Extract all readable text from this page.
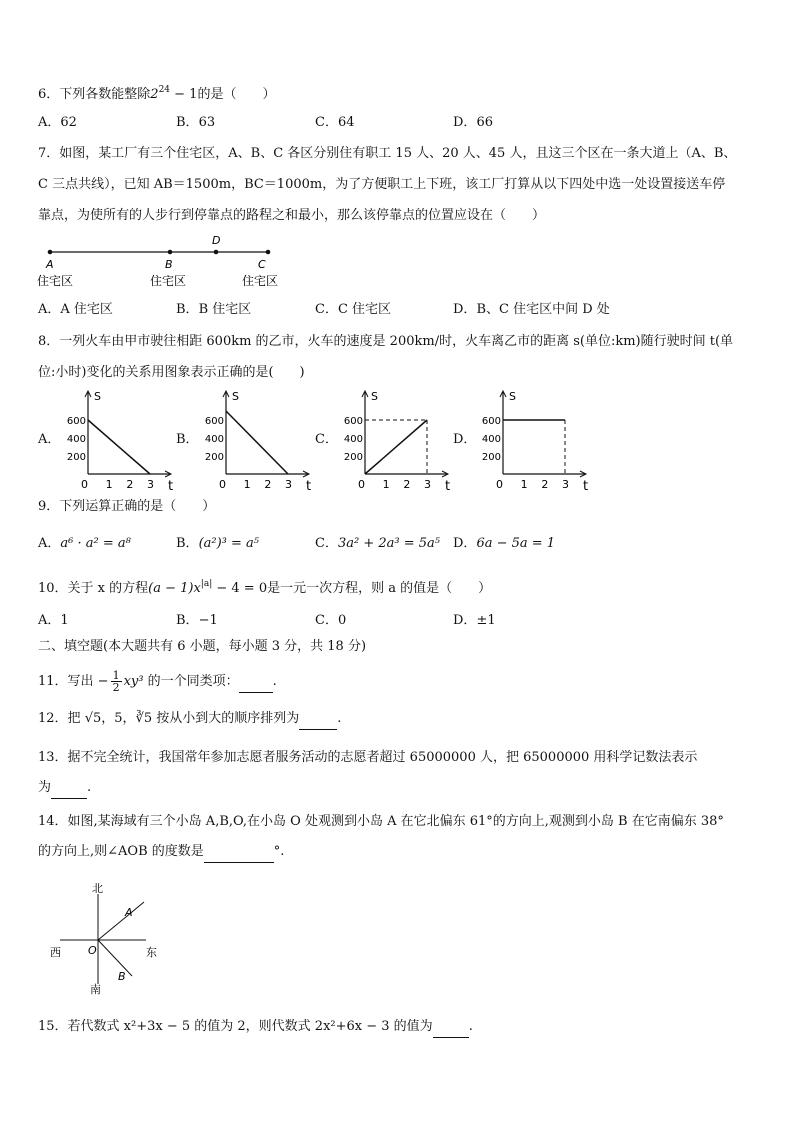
6．下列各数能整除$2^{24} - 1$的是（　　）
A．62	B．63	C．64	D．66
7．如图，某工厂有三个住宅区，A、B、C 各区分别住有职工 15 人、20 人、45 人，且这三个区在一条大道上（A、B、
C 三点共线），已知 AB＝1500m，BC＝1000m，为了方便职工上下班，该工厂打算从以下四处中选一处设置接送车停
靠点，为使所有的人步行到停靠点的路程之和最小，那么该停靠点的位置应设在（　　）
A	B
D
C
住宅区	住宅区	住宅区
A．A 住宅区	B．B 住宅区	C．C 住宅区	D．B、C 住宅区中间 D 处
8．一列火车由甲市驶往相距 600km 的乙市，火车的速度是 200km/时，火车离乙市的距离 s(单位:km)随行驶时间 t(单
位:小时)变化的关系用图象表示正确的是(　　)
A．	B．	C．	D．
S
t
600
400
200
0 1 2 3
S
t
600
400
200
0 1 2 3
S
t
600
400
200
0 1 2 3
S
t
600
400
200
0 1 2 3
9．下列运算正确的是（　　）
A．a⁶ · a² = a⁸	B．(a²)³ = a⁵	C．3a² + 2a³ = 5a⁵ D．6a − 5a = 1
10．关于 x 的方程$(a - 1)x^{|a|} - 4 = 0$是一元一次方程，则 a 的值是（　　）
A．1	B．−1	C．0	D．±1
二、填空题(本大题共有 6 小题，每小题 3 分，共 18 分)
11．写出 − $\frac{1}{2} xy^3$ 的一个同类项：	.
12．把 √5，5，∛5 按从小到大的顺序排列为	.
13．据不完全统计，我国常年参加志愿者服务活动的志愿者超过 65000000 人，把 65000000 用科学记数法表示
为	.
14．如图,某海域有三个小岛 A,B,O,在小岛 O 处观测到小岛 A 在它北偏东 61°的方向上,观测到小岛 B 在它南偏东 38°
的方向上,则∠AOB 的度数是	°.
北
南
西	东
O
A
B
15．若代数式 x²+3x − 5 的值为 2，则代数式 2x²+6x − 3 的值为	.
